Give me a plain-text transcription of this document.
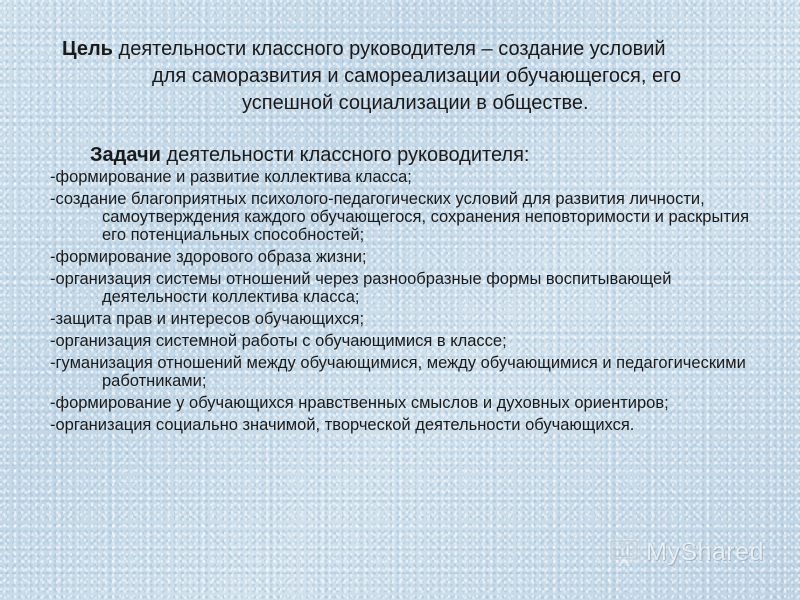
Цель деятельности классного руководителя – создание условий
для саморазвития и самореализации обучающегося, его
успешной социализации в обществе.
Задачи деятельности классного руководителя:
-формирование и развитие коллектива класса;
-создание благоприятных психолого-педагогических условий для развития личности, самоутверждения каждого обучающегося, сохранения неповторимости и раскрытия его потенциальных способностей;
-формирование здорового образа жизни;
-организация системы отношений через разнообразные формы воспитывающей деятельности коллектива класса;
-защита прав и интересов обучающихся;
-организация системной работы с обучающимися в классе;
-гуманизация отношений между обучающимися, между обучающимися и педагогическими работниками;
-формирование у обучающихся нравственных смыслов и духовных ориентиров;
-организация социально значимой, творческой деятельности обучающихся.
MyShared
